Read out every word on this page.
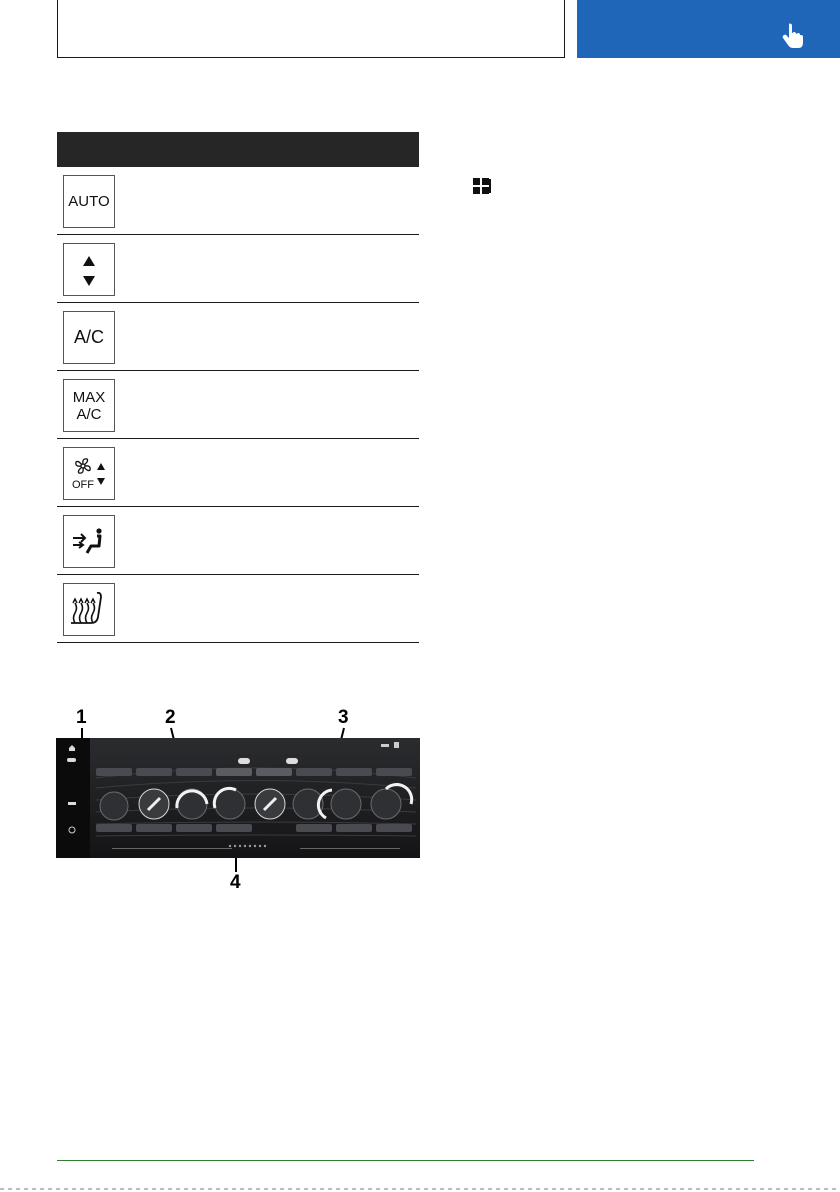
AUTO
A/C
MAX
A/C
OFF
1	2	3
4
